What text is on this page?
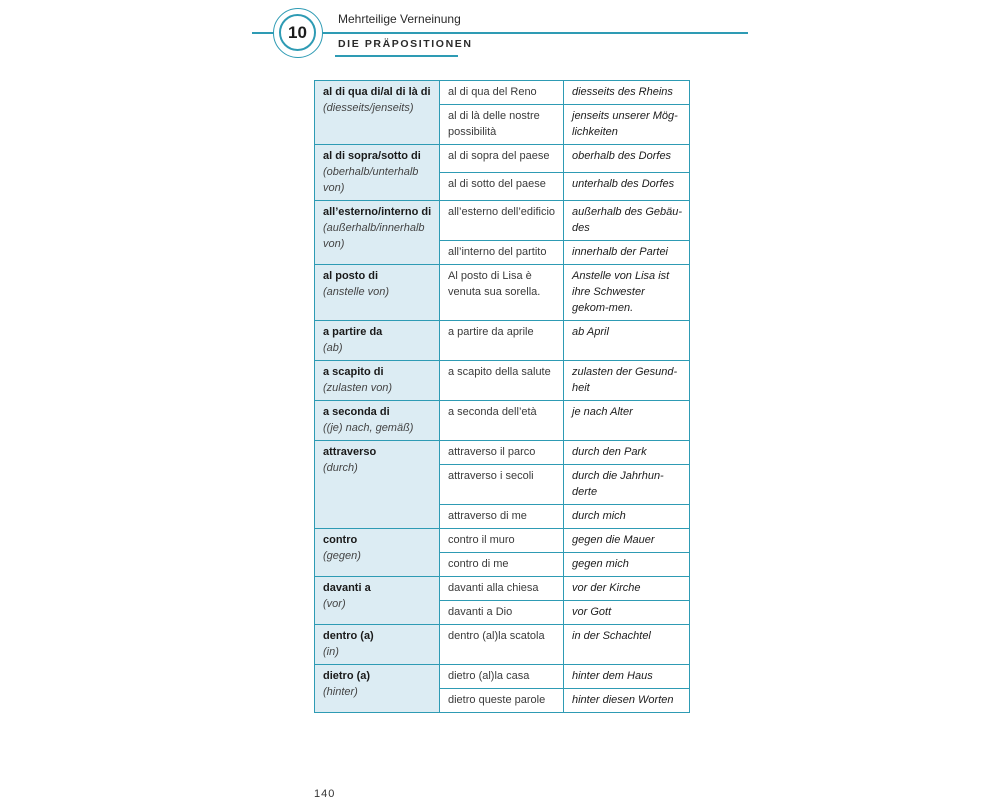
10
Mehrteilige Verneinung
DIE PRÄPOSITIONEN
al di qua di/al di là di
(diesseits/jenseits)	al di qua del Reno	diesseits des Rheins
	al di là delle nostre possibilità	jenseits unserer Mög-lichkeiten

al di sopra/sotto di
(oberhalb/unterhalb von)	al di sopra del paese	oberhalb des Dorfes
	al di sotto del paese	unterhalb des Dorfes

all’esterno/interno di
(außerhalb/innerhalb von)	all’esterno dell’edificio	außerhalb des Gebäu-des
	all’interno del partito	innerhalb der Partei

al posto di
(anstelle von)	Al posto di Lisa è venuta sua sorella.	Anstelle von Lisa ist ihre Schwester gekom-men.

a partire da
(ab)	a partire da aprile	ab April

a scapito di
(zulasten von)	a scapito della salute	zulasten der Gesund-heit

a seconda di
((je) nach, gemäß)	a seconda dell’età	je nach Alter

attraverso
(durch)	attraverso il parco	durch den Park
	attraverso i secoli	durch die Jahrhun-derte
	attraverso di me	durch mich

contro
(gegen)	contro il muro	gegen die Mauer
	contro di me	gegen mich

davanti a
(vor)	davanti alla chiesa	vor der Kirche
	davanti a Dio	vor Gott

dentro (a)
(in)	dentro (al)la scatola	in der Schachtel

dietro (a)
(hinter)	dietro (al)la casa	hinter dem Haus
	dietro queste parole	hinter diesen Worten
140
